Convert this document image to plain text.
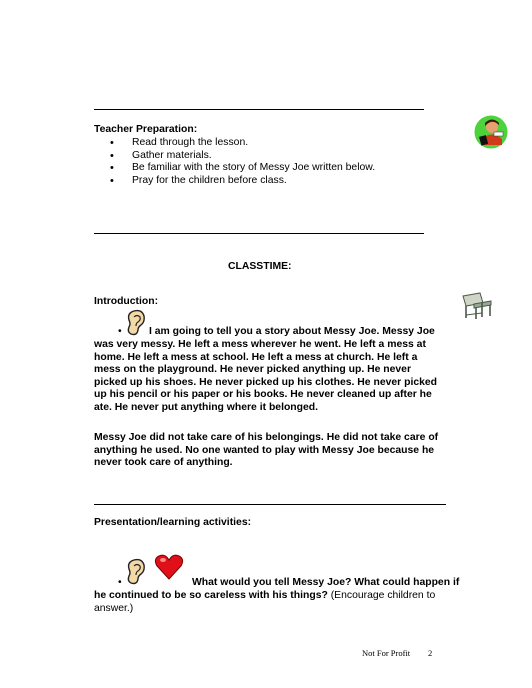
Teacher Preparation:
• Read through the lesson.
• Gather materials.
• Be familiar with the story of Messy Joe written below.
• Pray for the children before class.
CLASSTIME:
Introduction:
•	I am going to tell you a story about Messy Joe. Messy Joe
was very messy. He left a mess wherever he went. He left a mess at home. He left a mess at school. He left a mess at church. He left a mess on the playground. He never picked anything up. He never picked up his shoes. He never picked up his clothes. He never picked up his pencil or his paper or his books. He never cleaned up after he ate. He never put anything where it belonged.
Messy Joe did not take care of his belongings. He did not take care of anything he used. No one wanted to play with Messy Joe because he never took care of anything.
Presentation/learning activities:
•	What would you tell Messy Joe? What could happen if
he continued to be so careless with his things? (Encourage children to answer.)
Not For Profit 2
